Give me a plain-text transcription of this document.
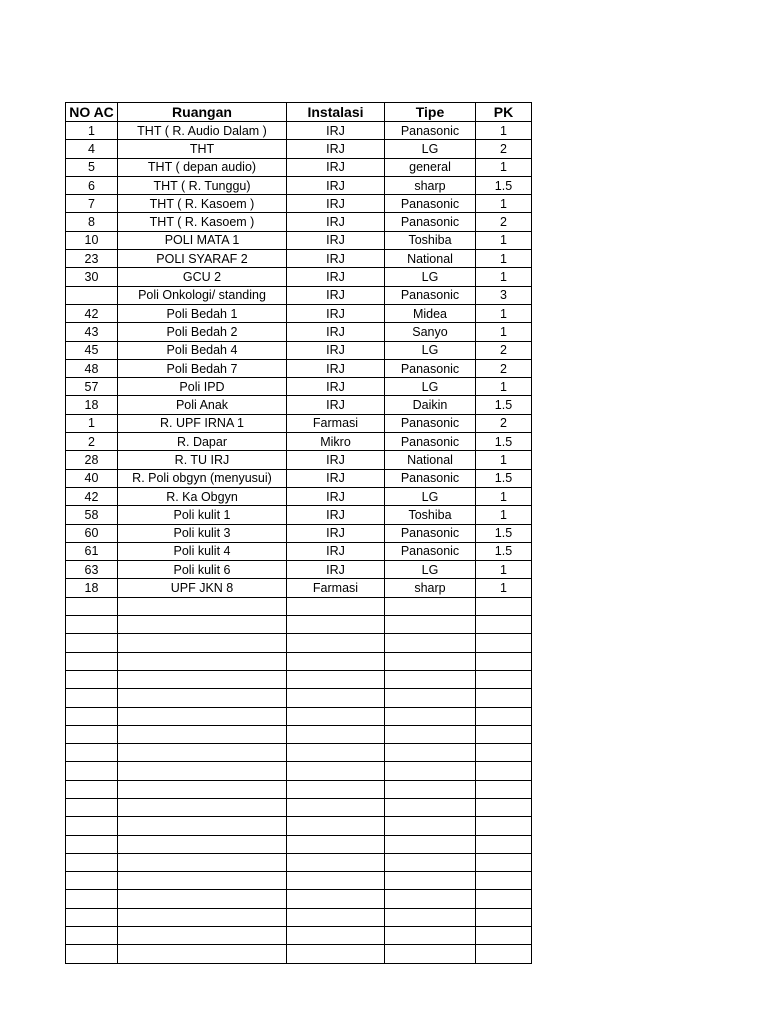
NO AC	Ruangan	Instalasi	Tipe	PK
1	THT ( R. Audio Dalam )	IRJ	Panasonic	1
4	THT	IRJ	LG	2
5	THT ( depan audio)	IRJ	general	1
6	THT ( R. Tunggu)	IRJ	sharp	1.5
7	THT ( R. Kasoem )	IRJ	Panasonic	1
8	THT ( R. Kasoem )	IRJ	Panasonic	2
10	POLI MATA 1	IRJ	Toshiba	1
23	POLI SYARAF 2	IRJ	National	1
30	GCU 2	IRJ	LG	1
	Poli Onkologi/ standing	IRJ	Panasonic	3
42	Poli Bedah 1	IRJ	Midea	1
43	Poli Bedah 2	IRJ	Sanyo	1
45	Poli Bedah 4	IRJ	LG	2
48	Poli Bedah 7	IRJ	Panasonic	2
57	Poli IPD	IRJ	LG	1
18	Poli Anak	IRJ	Daikin	1.5
1	R. UPF IRNA 1	Farmasi	Panasonic	2
2	R. Dapar	Mikro	Panasonic	1.5
28	R. TU IRJ	IRJ	National	1
40	R. Poli obgyn (menyusui)	IRJ	Panasonic	1.5
42	R. Ka Obgyn	IRJ	LG	1
58	Poli kulit 1	IRJ	Toshiba	1
60	Poli kulit 3	IRJ	Panasonic	1.5
61	Poli kulit 4	IRJ	Panasonic	1.5
63	Poli kulit 6	IRJ	LG	1
18	UPF JKN 8	Farmasi	sharp	1
